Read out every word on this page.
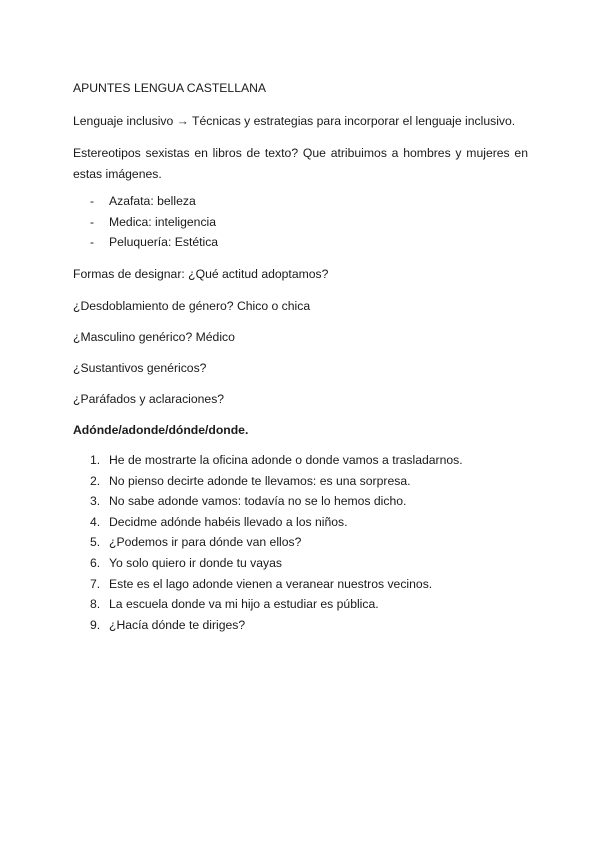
APUNTES LENGUA CASTELLANA
Lenguaje inclusivo → Técnicas y estrategias para incorporar el lenguaje inclusivo.
Estereotipos sexistas en libros de texto? Que atribuimos a hombres y mujeres en estas imágenes.
- Azafata: belleza
- Medica: inteligencia
- Peluquería: Estética
Formas de designar: ¿Qué actitud adoptamos?
¿Desdoblamiento de género? Chico o chica
¿Masculino genérico? Médico
¿Sustantivos genéricos?
¿Paráfados y aclaraciones?
Adónde/adonde/dónde/donde.
1. He de mostrarte la oficina adonde o donde vamos a trasladarnos.
2. No pienso decirte adonde te llevamos: es una sorpresa.
3. No sabe adonde vamos: todavía no se lo hemos dicho.
4. Decidme adónde habéis llevado a los niños.
5. ¿Podemos ir para dónde van ellos?
6. Yo solo quiero ir donde tu vayas
7. Este es el lago adonde vienen a veranear nuestros vecinos.
8. La escuela donde va mi hijo a estudiar es pública.
9. ¿Hacía dónde te diriges?
